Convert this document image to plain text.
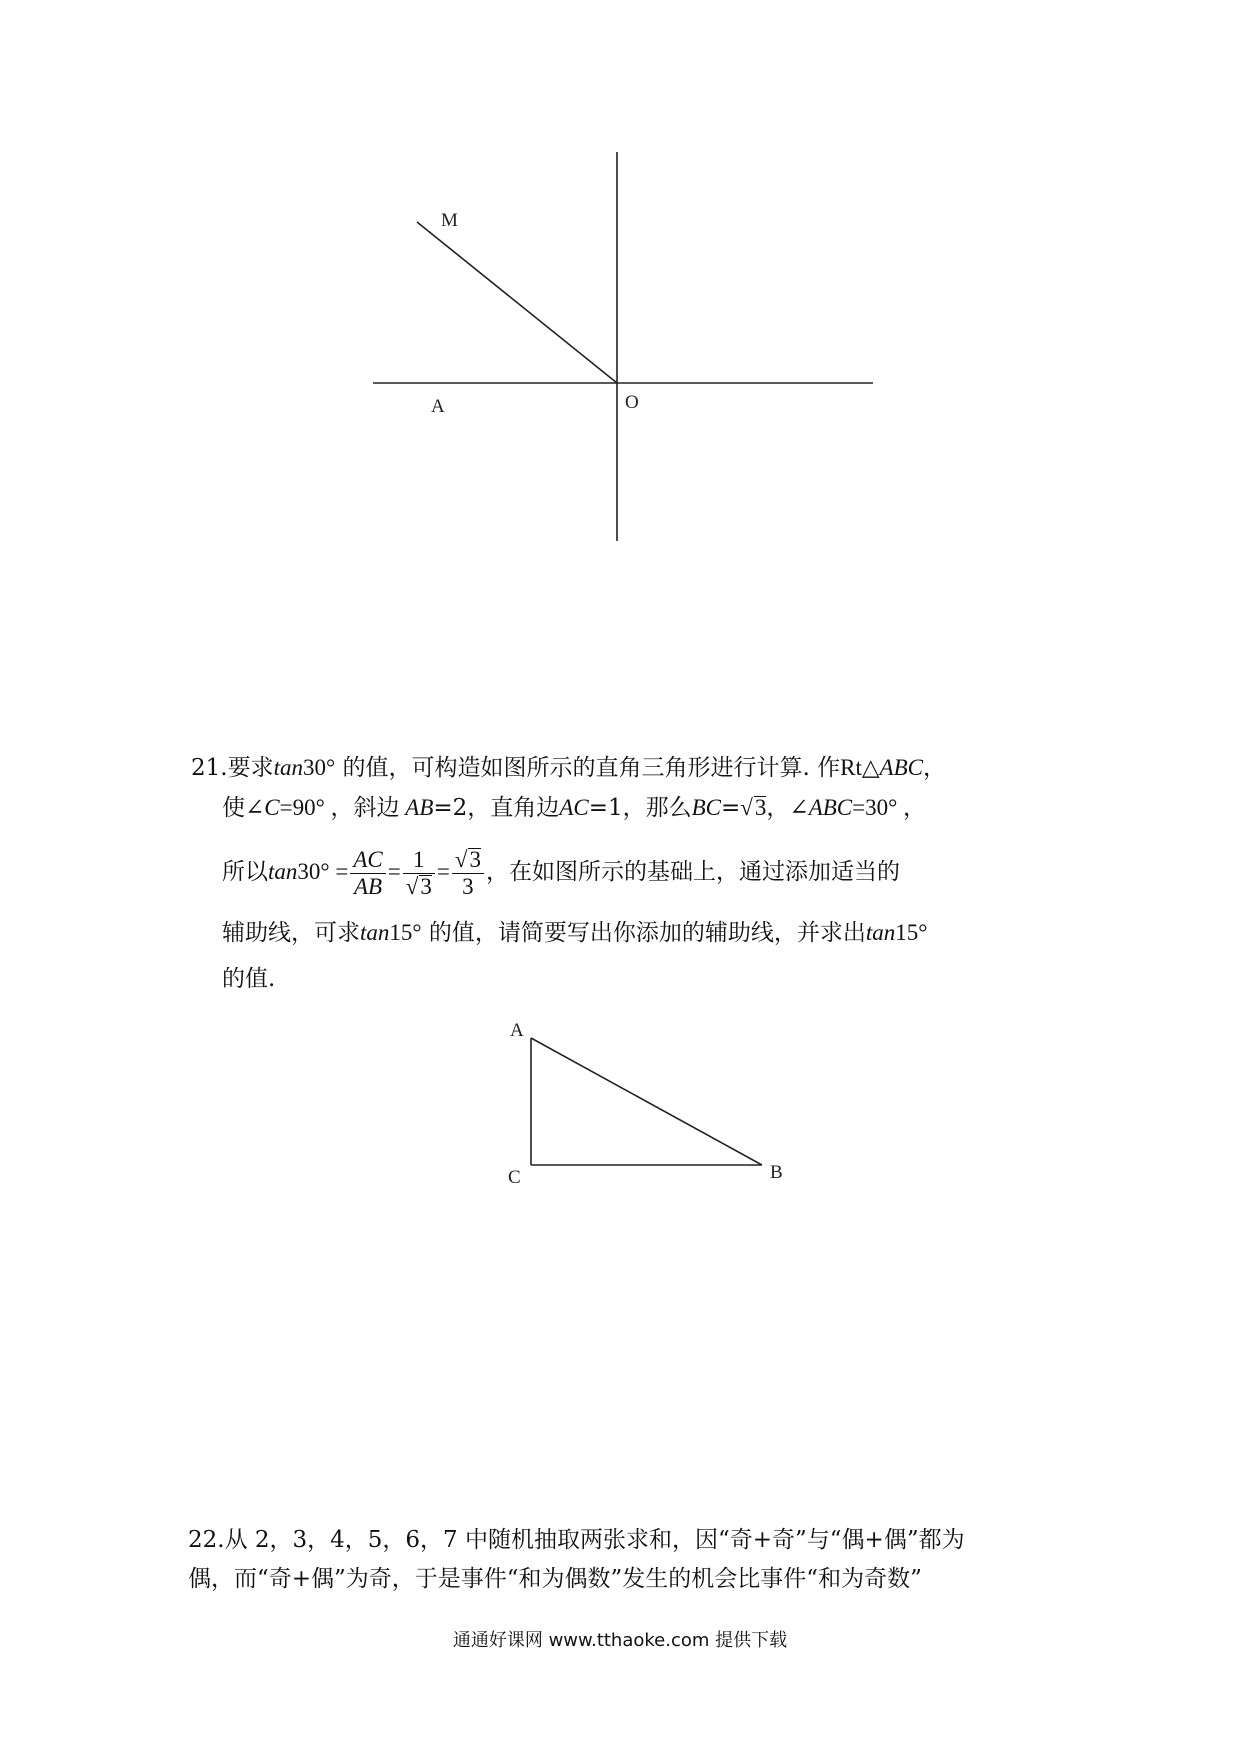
M
A	O
A
C	B
21.要求tan30° 的值，可构造如图所示的直角三角形进行计算. 作Rt△ABC，
使∠C=90° ，斜边 AB=2，直角边AC=1，那么BC=√3，∠ABC=30° ，
所以$\tan 30^\circ = \frac{AC}{AB} = \frac{1}{√3} = \frac{√3}{3}$ ，在如图所示的基础上，通过添加适当的
辅助线，可求tan15° 的值，请简要写出你添加的辅助线，并求出tan15°
的值.
22.从 2，3，4，5，6，7 中随机抽取两张求和，因“奇+奇”与“偶+偶”都为
偶，而“奇+偶”为奇，于是事件“和为偶数”发生的机会比事件“和为奇数”
通通好课网 www.tthaoke.com 提供下载
